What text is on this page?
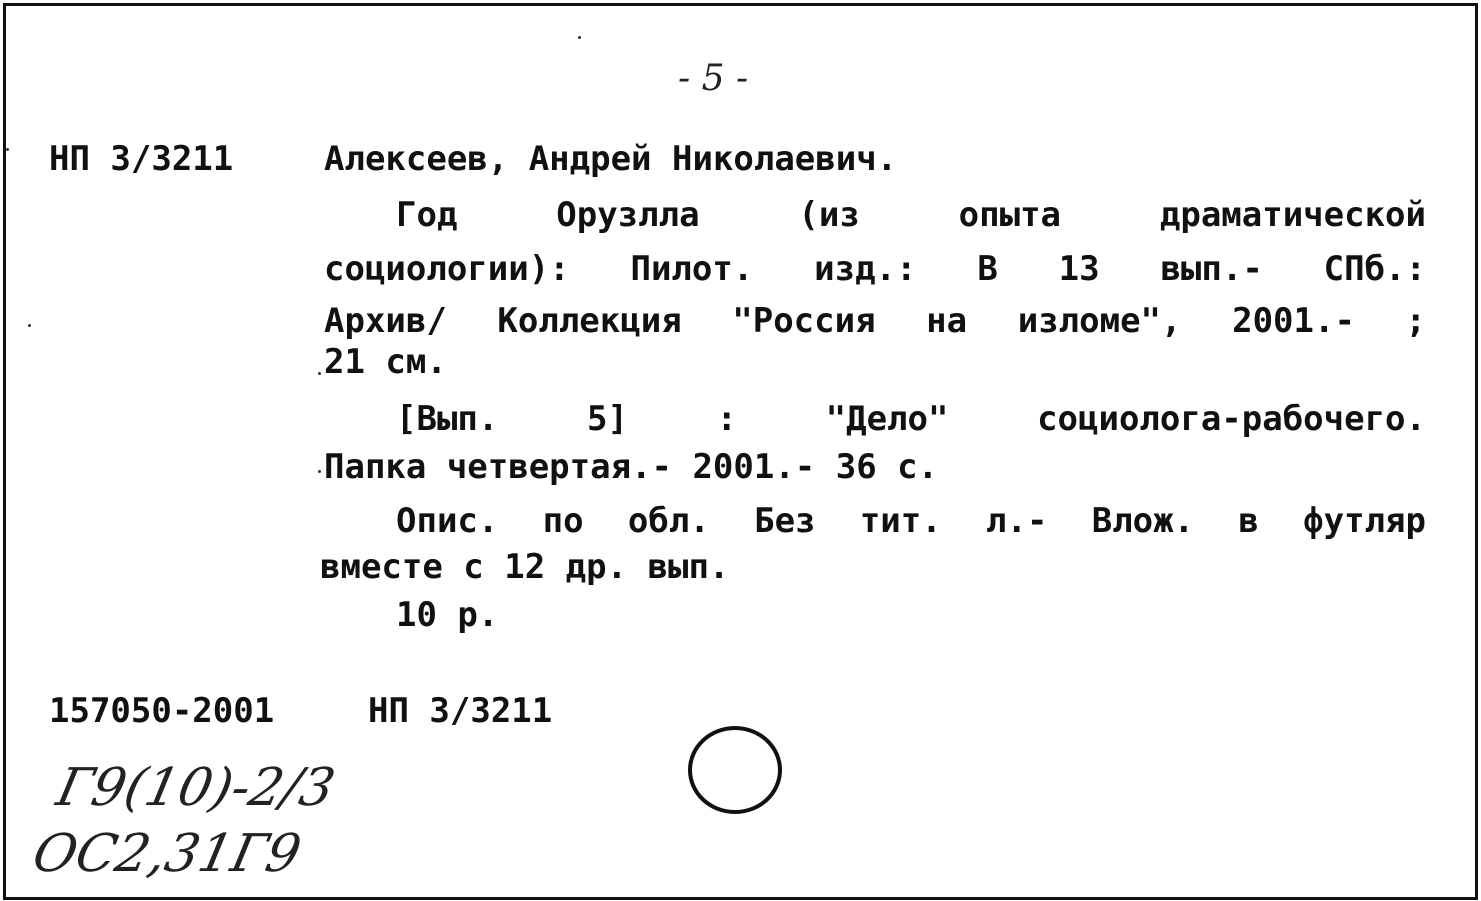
- 5 -
НП 3/3211	Алексеев, Андрей Николаевич.
Год Орузлла (из опыта драматической
социологии): Пилот. изд.: В 13 вып.- СПб.:
Архив/ Коллекция "Россия на изломе", 2001.- ;
21 см.
[Вып. 5] : "Дело" социолога-рабочего.
Папка четвертая.- 2001.- 36 с.
Опис. по обл. Без тит. л.- Влож. в футляр
вместе с 12 др. вып.
10 р.
157050-2001	НП 3/3211
Г9(10)-2/3
ОС2,31Г9
